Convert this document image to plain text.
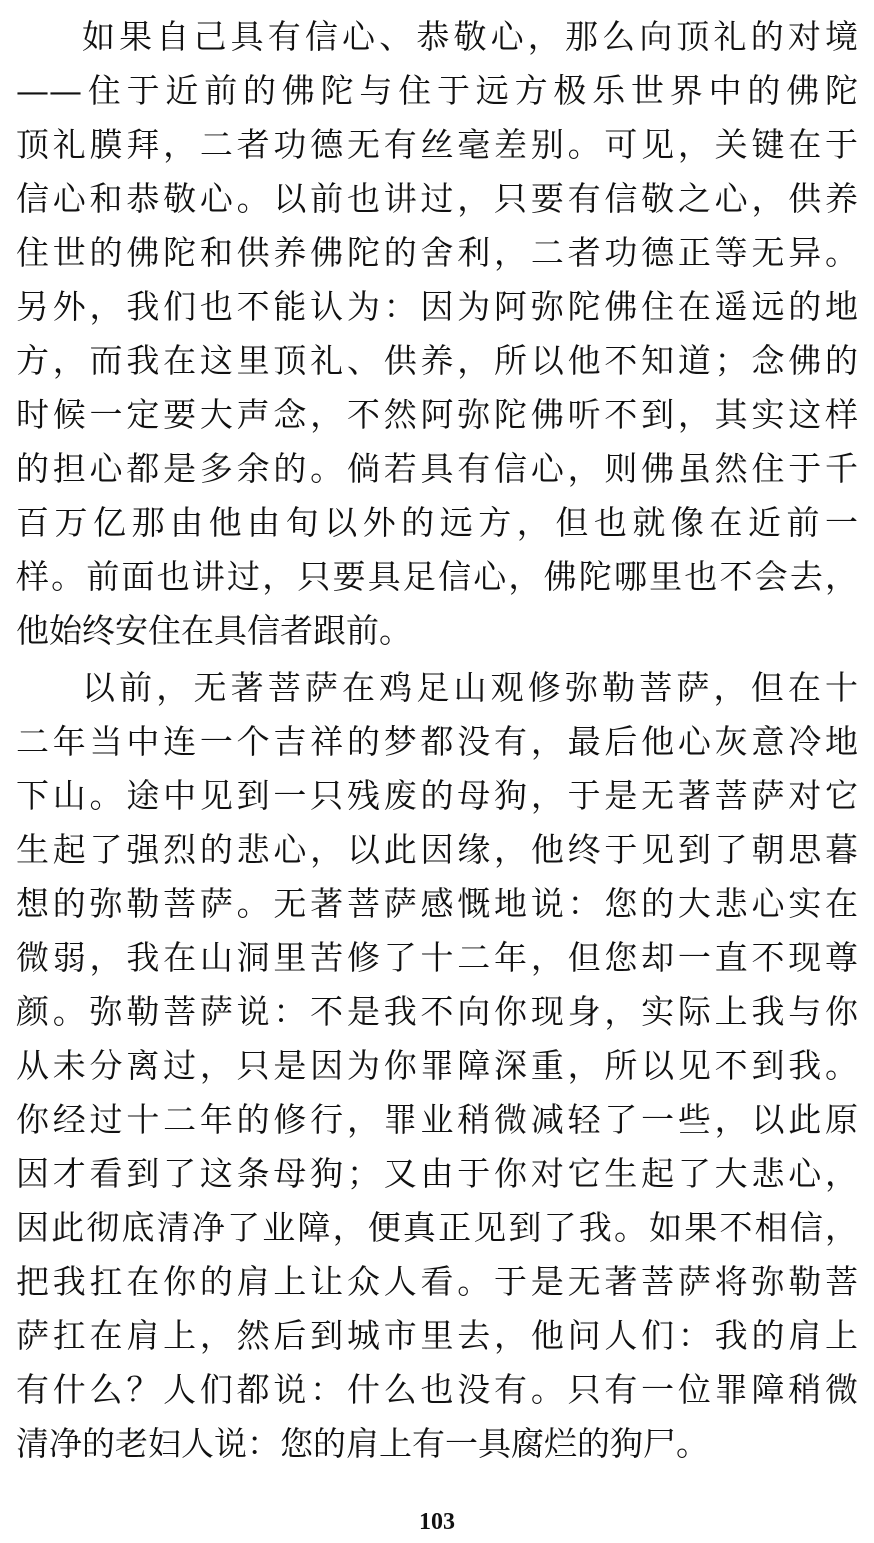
如果自己具有信心、恭敬心，那么向顶礼的对境
——住于近前的佛陀与住于远方极乐世界中的佛陀
顶礼膜拜，二者功德无有丝毫差别。可见，关键在于
信心和恭敬心。以前也讲过，只要有信敬之心，供养
住世的佛陀和供养佛陀的舍利，二者功德正等无异。
另外，我们也不能认为：因为阿弥陀佛住在遥远的地
方，而我在这里顶礼、供养，所以他不知道；念佛的
时候一定要大声念，不然阿弥陀佛听不到，其实这样
的担心都是多余的。倘若具有信心，则佛虽然住于千
百万亿那由他由旬以外的远方，但也就像在近前一
样。前面也讲过，只要具足信心，佛陀哪里也不会去，
他始终安住在具信者跟前。
以前，无著菩萨在鸡足山观修弥勒菩萨，但在十
二年当中连一个吉祥的梦都没有，最后他心灰意冷地
下山。途中见到一只残废的母狗，于是无著菩萨对它
生起了强烈的悲心，以此因缘，他终于见到了朝思暮
想的弥勒菩萨。无著菩萨感慨地说：您的大悲心实在
微弱，我在山洞里苦修了十二年，但您却一直不现尊
颜。弥勒菩萨说：不是我不向你现身，实际上我与你
从未分离过，只是因为你罪障深重，所以见不到我。
你经过十二年的修行，罪业稍微减轻了一些，以此原
因才看到了这条母狗；又由于你对它生起了大悲心，
因此彻底清净了业障，便真正见到了我。如果不相信，
把我扛在你的肩上让众人看。于是无著菩萨将弥勒菩
萨扛在肩上，然后到城市里去，他问人们：我的肩上
有什么？人们都说：什么也没有。只有一位罪障稍微
清净的老妇人说：您的肩上有一具腐烂的狗尸。
103
